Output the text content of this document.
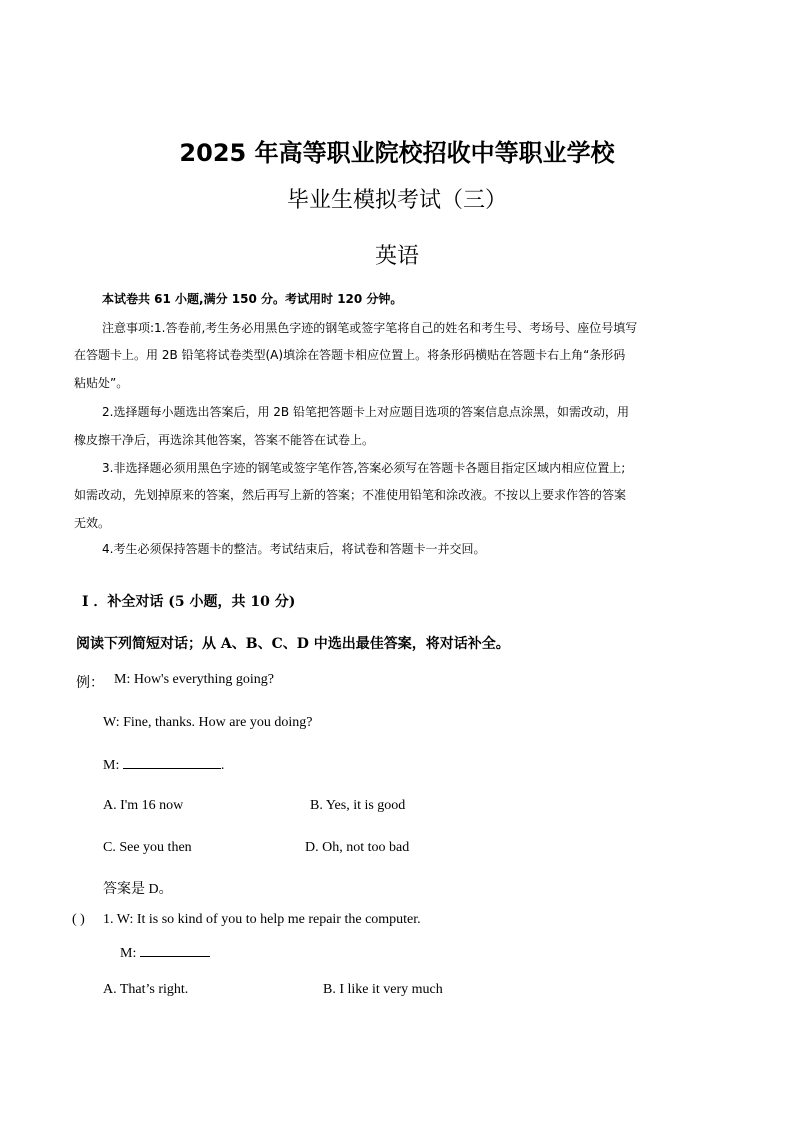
2025 年高等职业院校招收中等职业学校
毕业生模拟考试（三）
英语
本试卷共 61 小题,满分 150 分。考试用时 120 分钟。
注意事项:1.答卷前,考生务必用黑色字迹的钢笔或签字笔将自己的姓名和考生号、考场号、座位号填写
在答题卡上。用 2B 铅笔将试卷类型(A)填涂在答题卡相应位置上。将条形码横贴在答题卡右上角“条形码
粘贴处”。
2.选择题每小题选出答案后，用 2B 铅笔把答题卡上对应题目选项的答案信息点涂黑，如需改动，用
橡皮擦干净后，再选涂其他答案，答案不能答在试卷上。
3.非选择题必须用黑色字迹的钢笔或签字笔作答,答案必须写在答题卡各题目指定区域内相应位置上;
如需改动，先划掉原来的答案，然后再写上新的答案；不准使用铅笔和涂改液。不按以上要求作答的答案
无效。
4.考生必须保持答题卡的整洁。考试结束后，将试卷和答题卡一并交回。
Ⅰ ．补全对话 (5 小题，共 10 分)
阅读下列简短对话；从 A、B、C、D 中选出最佳答案，将对话补全。
例： M: How's everything going?
W: Fine, thanks. How are you doing?
M:	.
A. I'm 16 now	B. Yes, it is good
C. See you then	D. Oh, not too bad
答案是 D。
( ) 1. W: It is so kind of you to help me repair the computer.
M:
A. That’s right.	B. I like it very much
